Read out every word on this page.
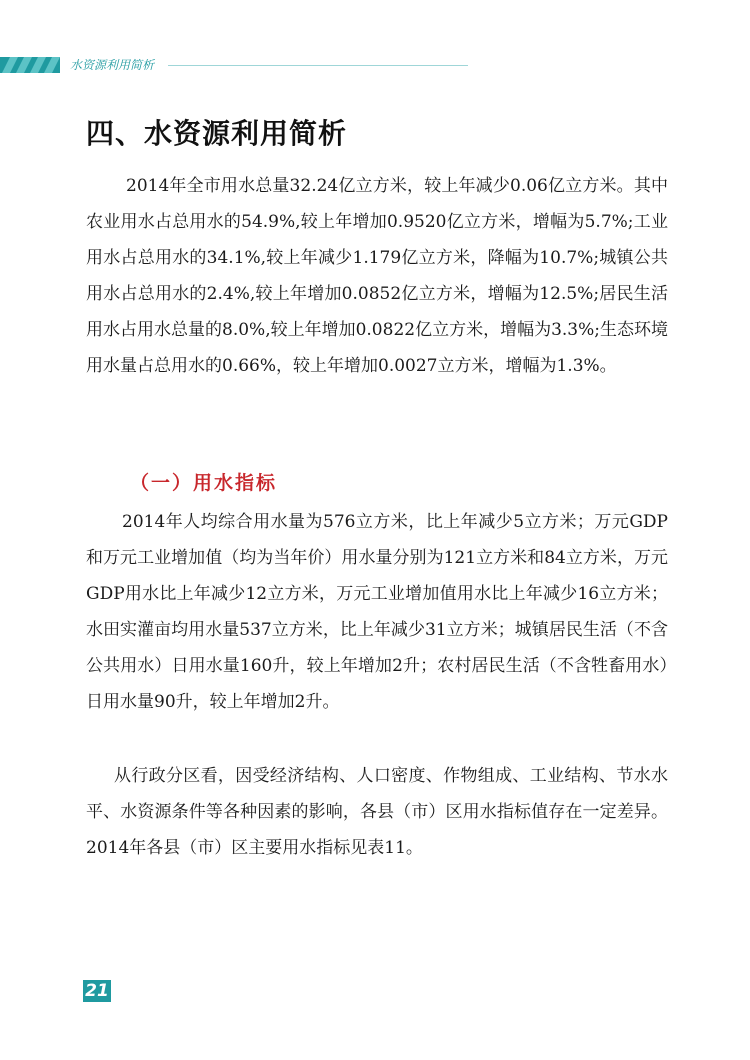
水资源利用简析
四、水资源利用简析

2014年全市用水总量32.24亿立方米，较上年减少0.06亿立方米。其中农业用水占总用水的54.9%,较上年增加0.9520亿立方米，增幅为5.7%;工业用水占总用水的34.1%,较上年减少1.179亿立方米，降幅为10.7%;城镇公共用水占总用水的2.4%,较上年增加0.0852亿立方米，增幅为12.5%;居民生活用水占用水总量的8.0%,较上年增加0.0822亿立方米，增幅为3.3%;生态环境用水量占总用水的0.66%，较上年增加0.0027立方米，增幅为1.3%。

（一）用水指标

2014年人均综合用水量为576立方米，比上年减少5立方米；万元GDP和万元工业增加值（均为当年价）用水量分别为121立方米和84立方米，万元GDP用水比上年减少12立方米，万元工业增加值用水比上年减少16立方米；水田实灌亩均用水量537立方米，比上年减少31立方米；城镇居民生活（不含公共用水）日用水量160升，较上年增加2升；农村居民生活（不含牲畜用水）日用水量90升，较上年增加2升。

从行政分区看，因受经济结构、人口密度、作物组成、工业结构、节水水平、水资源条件等各种因素的影响，各县（市）区用水指标值存在一定差异。2014年各县（市）区主要用水指标见表11。

21
